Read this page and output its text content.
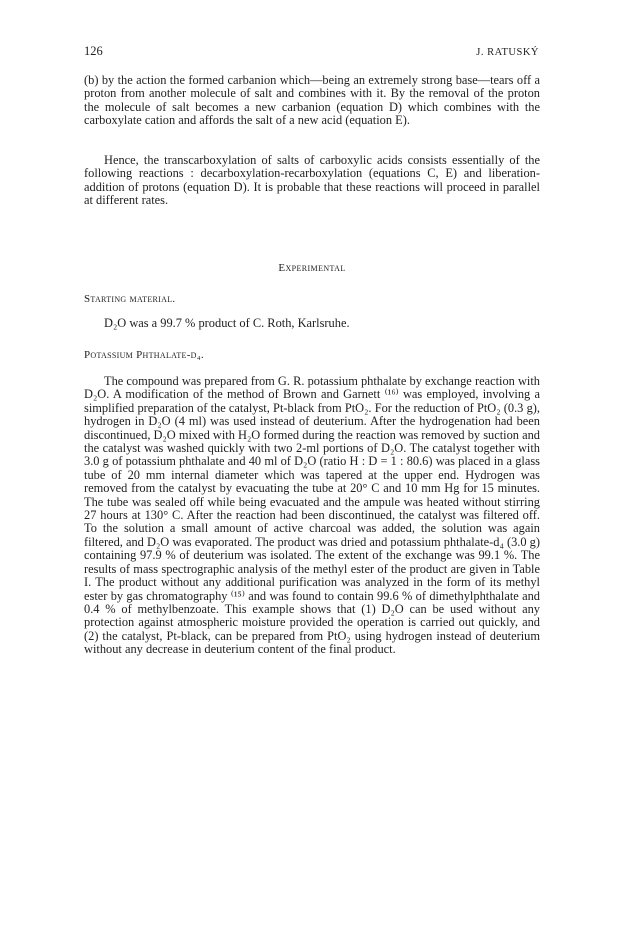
126	J. RATUSKÝ

(b) by the action the formed carbanion which—being an extremely strong base—tears off a proton from another molecule of salt and combines with it. By the removal of the proton the molecule of salt becomes a new carbanion (equation D) which combines with the carboxylate cation and affords the salt of a new acid (equation E).

Hence, the transcarboxylation of salts of carboxylic acids consists essentially of the following reactions : decarboxylation-recarboxylation (equations C, E) and liberation-addition of protons (equation D). It is probable that these reactions will proceed in parallel at different rates.

Experimental
Starting material.

D₂O was a 99.7 % product of C. Roth, Karlsruhe.

Potassium Phthalate-d₄.

The compound was prepared from G. R. potassium phthalate by exchange reaction with D₂O. A modification of the method of Brown and Garnett ⁽¹⁶⁾ was employed, involving a simplified preparation of the catalyst, Pt-black from PtO₂. For the reduction of PtO₂ (0.3 g), hydrogen in D₂O (4 ml) was used instead of deuterium. After the hydrogenation had been discontinued, D₂O mixed with H₂O formed during the reaction was removed by suction and the catalyst was washed quickly with two 2-ml portions of D₂O. The catalyst together with 3.0 g of potassium phthalate and 40 ml of D₂O (ratio H : D = 1 : 80.6) was placed in a glass tube of 20 mm internal diameter which was tapered at the upper end. Hydrogen was removed from the catalyst by evacuating the tube at 20° C and 10 mm Hg for 15 minutes. The tube was sealed off while being evacuated and the ampule was heated without stirring 27 hours at 130° C. After the reaction had been discontinued, the catalyst was filtered off. To the solution a small amount of active charcoal was added, the solution was again filtered, and D₂O was evaporated. The product was dried and potassium phthalate-d₄ (3.0 g) containing 97.9 % of deuterium was isolated. The extent of the exchange was 99.1 %. The results of mass spectrographic analysis of the methyl ester of the product are given in Table I. The product without any additional purification was analyzed in the form of its methyl ester by gas chromatography ⁽¹⁵⁾ and was found to contain 99.6 % of dimethylphthalate and 0.4 % of methylbenzoate. This example shows that (1) D₂O can be used without any protection against atmospheric moisture provided the operation is carried out quickly, and (2) the catalyst, Pt-black, can be prepared from PtO₂ using hydrogen instead of deuterium without any decrease in deuterium content of the final product.
